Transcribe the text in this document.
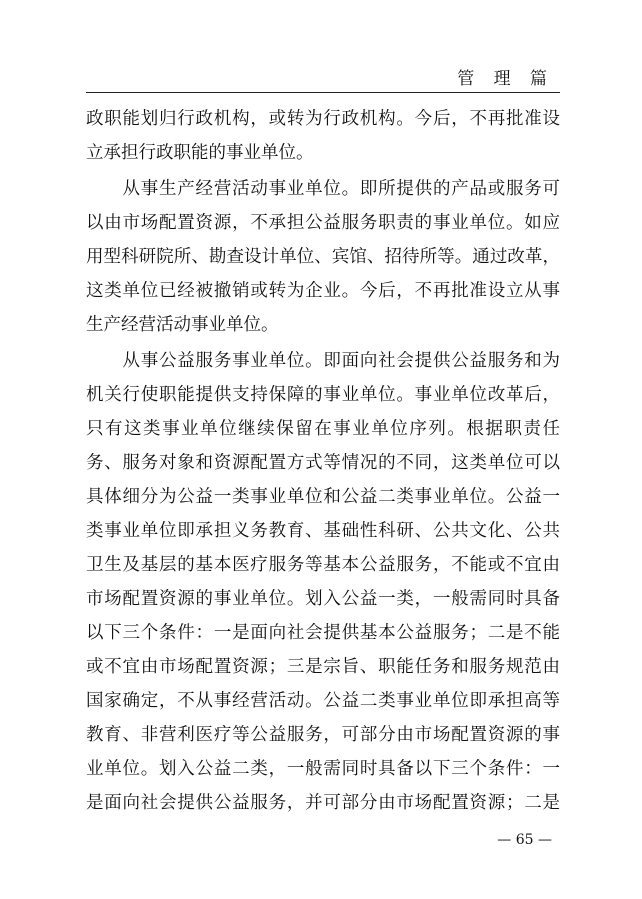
管 理 篇
政职能划归行政机构，或转为行政机构。今后，不再批准设
立承担行政职能的事业单位。
　　从事生产经营活动事业单位。即所提供的产品或服务可
以由市场配置资源，不承担公益服务职责的事业单位。如应
用型科研院所、勘查设计单位、宾馆、招待所等。通过改革，
这类单位已经被撤销或转为企业。今后，不再批准设立从事
生产经营活动事业单位。
　　从事公益服务事业单位。即面向社会提供公益服务和为
机关行使职能提供支持保障的事业单位。事业单位改革后，
只有这类事业单位继续保留在事业单位序列。根据职责任
务、服务对象和资源配置方式等情况的不同，这类单位可以
具体细分为公益一类事业单位和公益二类事业单位。公益一
类事业单位即承担义务教育、基础性科研、公共文化、公共
卫生及基层的基本医疗服务等基本公益服务，不能或不宜由
市场配置资源的事业单位。划入公益一类，一般需同时具备
以下三个条件：一是面向社会提供基本公益服务；二是不能
或不宜由市场配置资源；三是宗旨、职能任务和服务规范由
国家确定，不从事经营活动。公益二类事业单位即承担高等
教育、非营利医疗等公益服务，可部分由市场配置资源的事
业单位。划入公益二类，一般需同时具备以下三个条件：一
是面向社会提供公益服务，并可部分由市场配置资源；二是
— 65 —
